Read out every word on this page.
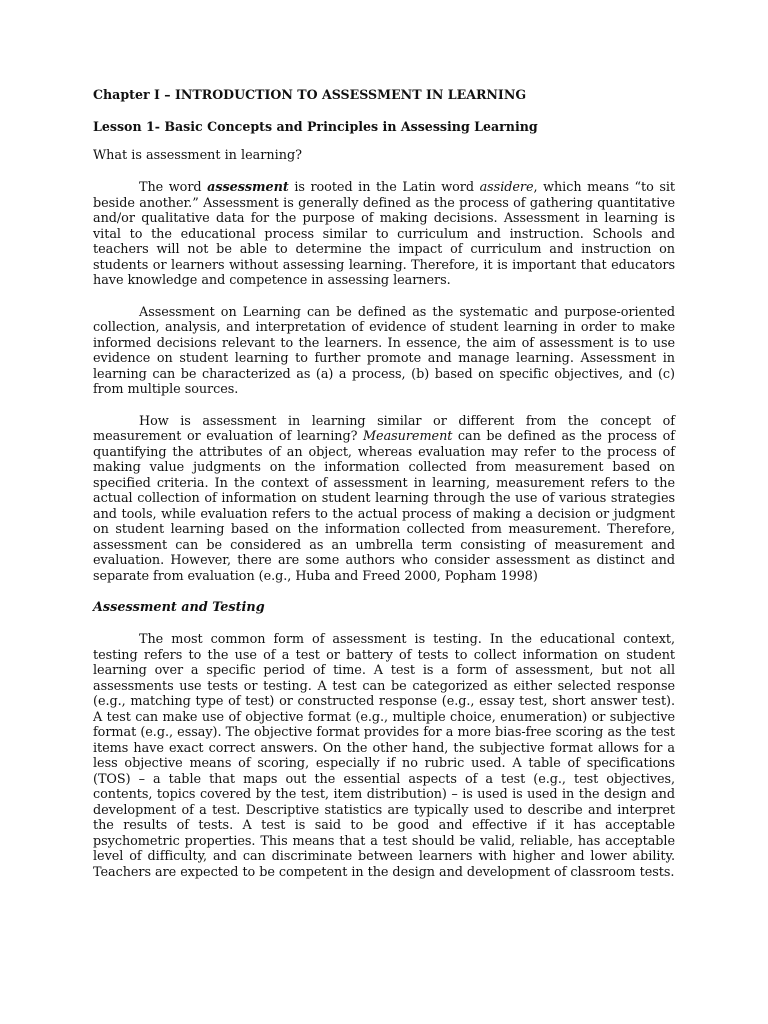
Chapter I – INTRODUCTION TO ASSESSMENT IN LEARNING

Lesson 1- Basic Concepts and Principles in Assessing Learning

What is assessment in learning?

The word assessment is rooted in the Latin word assidere, which means “to sit beside another.” Assessment is generally defined as the process of gathering quantitative and/or qualitative data for the purpose of making decisions. Assessment in learning is vital to the educational process similar to curriculum and instruction. Schools and teachers will not be able to determine the impact of curriculum and instruction on students or learners without assessing learning. Therefore, it is important that educators have knowledge and competence in assessing learners.

Assessment on Learning can be defined as the systematic and purpose-oriented collection, analysis, and interpretation of evidence of student learning in order to make informed decisions relevant to the learners. In essence, the aim of assessment is to use evidence on student learning to further promote and manage learning. Assessment in learning can be characterized as (a) a process, (b) based on specific objectives, and (c) from multiple sources.

How is assessment in learning similar or different from the concept of measurement or evaluation of learning? Measurement can be defined as the process of quantifying the attributes of an object, whereas evaluation may refer to the process of making value judgments on the information collected from measurement based on specified criteria. In the context of assessment in learning, measurement refers to the actual collection of information on student learning through the use of various strategies and tools, while evaluation refers to the actual process of making a decision or judgment on student learning based on the information collected from measurement. Therefore, assessment can be considered as an umbrella term consisting of measurement and evaluation. However, there are some authors who consider assessment as distinct and separate from evaluation (e.g., Huba and Freed 2000, Popham 1998)

Assessment and Testing

The most common form of assessment is testing. In the educational context, testing refers to the use of a test or battery of tests to collect information on student learning over a specific period of time. A test is a form of assessment, but not all assessments use tests or testing. A test can be categorized as either selected response (e.g., matching type of test) or constructed response (e.g., essay test, short answer test). A test can make use of objective format (e.g., multiple choice, enumeration) or subjective format (e.g., essay). The objective format provides for a more bias-free scoring as the test items have exact correct answers. On the other hand, the subjective format allows for a less objective means of scoring, especially if no rubric used. A table of specifications (TOS) – a table that maps out the essential aspects of a test (e.g., test objectives, contents, topics covered by the test, item distribution) – is used is used in the design and development of a test. Descriptive statistics are typically used to describe and interpret the results of tests. A test is said to be good and effective if it has acceptable psychometric properties. This means that a test should be valid, reliable, has acceptable level of difficulty, and can discriminate between learners with higher and lower ability. Teachers are expected to be competent in the design and development of classroom tests.
